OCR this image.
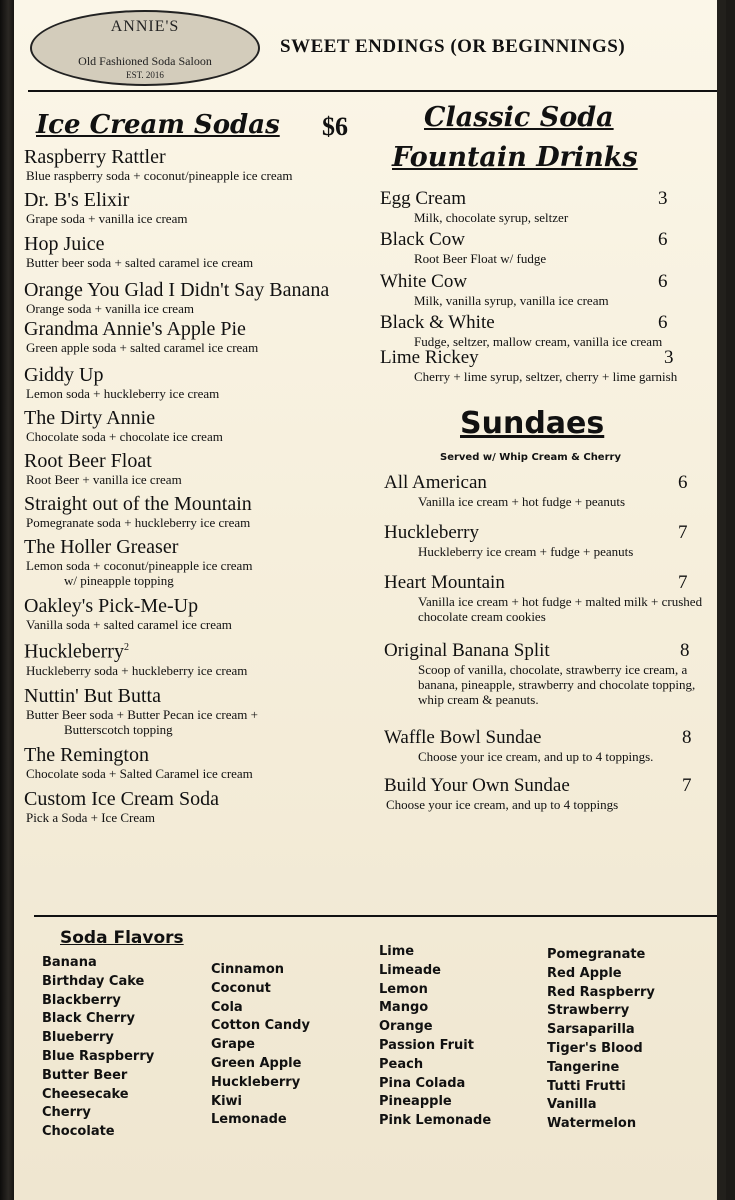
ANNIE'S
Old Fashioned Soda Saloon
EST. 2016
SWEET ENDINGS (OR BEGINNINGS)
Ice Cream Sodas $6
Raspberry Rattler
Blue raspberry soda + coconut/pineapple ice cream
Dr. B's Elixir
Grape soda + vanilla ice cream
Hop Juice
Butter beer soda + salted caramel ice cream
Orange You Glad I Didn't Say Banana
Orange soda + vanilla ice cream
Grandma Annie's Apple Pie
Green apple soda + salted caramel ice cream
Giddy Up
Lemon soda + huckleberry ice cream
The Dirty Annie
Chocolate soda + chocolate ice cream
Root Beer Float
Root Beer + vanilla ice cream
Straight out of the Mountain
Pomegranate soda + huckleberry ice cream
The Holler Greaser
Lemon soda + coconut/pineapple ice cream
w/ pineapple topping
Oakley's Pick-Me-Up
Vanilla soda + salted caramel ice cream
Huckleberry$^2$
Huckleberry soda + huckleberry ice cream
Nuttin' But Butta
Butter Beer soda + Butter Pecan ice cream +
Butterscotch topping
The Remington
Chocolate soda + Salted Caramel ice cream
Custom Ice Cream Soda
Pick a Soda + Ice Cream
Classic Soda
Fountain Drinks
Egg Cream	3
Milk, chocolate syrup, seltzer
Black Cow	6
Root Beer Float w/ fudge
White Cow	6
Milk, vanilla syrup, vanilla ice cream
Black & White	6
Fudge, seltzer, mallow cream, vanilla ice cream
Lime Rickey	3
Cherry + lime syrup, seltzer, cherry + lime garnish
Sundaes
Served w/ Whip Cream & Cherry
All American	6
Vanilla ice cream + hot fudge + peanuts
Huckleberry	7
Huckleberry ice cream + fudge + peanuts
Heart Mountain	7
Vanilla ice cream + hot fudge + malted milk + crushed chocolate cream cookies
Original Banana Split	8
Scoop of vanilla, chocolate, strawberry ice cream, a banana, pineapple, strawberry and chocolate topping, whip cream & peanuts.
Waffle Bowl Sundae	8
Choose your ice cream, and up to 4 toppings.
Build Your Own Sundae	7
Choose your ice cream, and up to 4 toppings
Soda Flavors
Banana
Birthday Cake
Blackberry
Black Cherry
Blueberry
Blue Raspberry
Butter Beer
Cheesecake
Cherry
Chocolate
Cinnamon
Coconut
Cola
Cotton Candy
Grape
Green Apple
Huckleberry
Kiwi
Lemonade
Lime
Limeade
Lemon
Mango
Orange
Passion Fruit
Peach
Pina Colada
Pineapple
Pink Lemonade
Pomegranate
Red Apple
Red Raspberry
Strawberry
Sarsaparilla
Tiger's Blood
Tangerine
Tutti Frutti
Vanilla
Watermelon
